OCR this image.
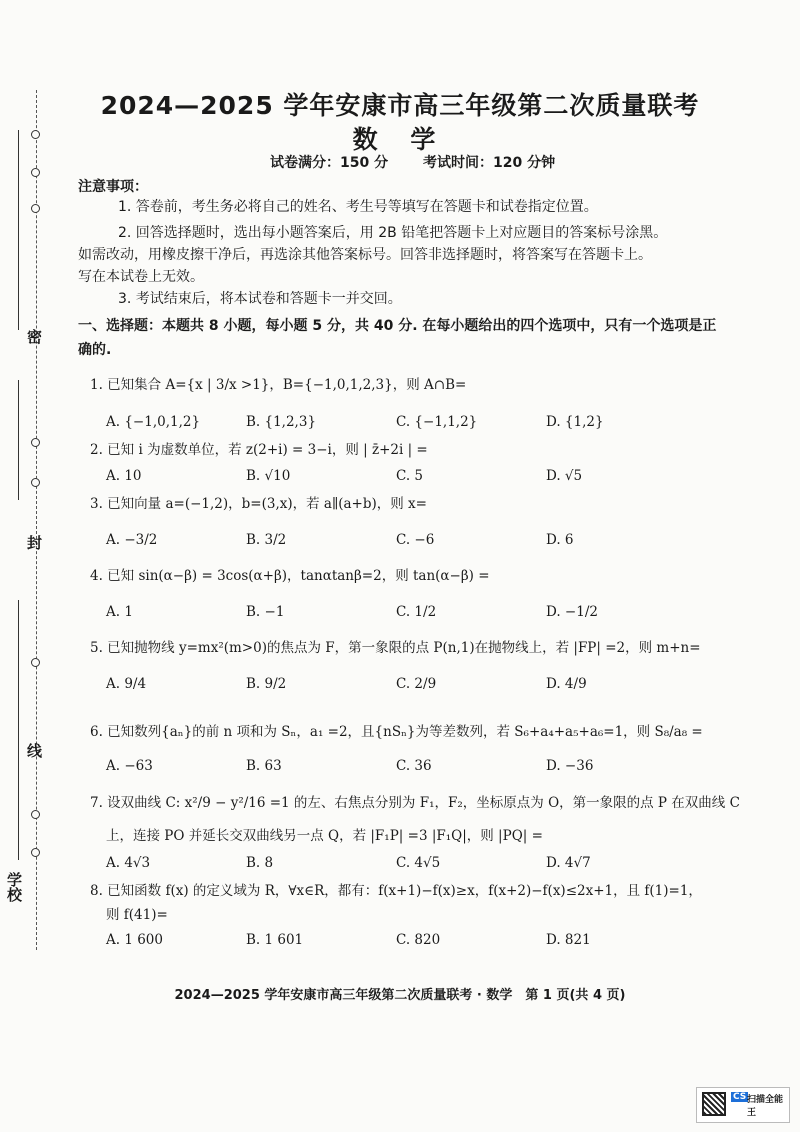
密
封
线
学校
2024—2025 学年安康市高三年级第二次质量联考
数 学
试卷满分：150 分 考试时间：120 分钟
注意事项：
1. 答卷前，考生务必将自己的姓名、考生号等填写在答题卡和试卷指定位置。
2. 回答选择题时，选出每小题答案后，用 2B 铅笔把答题卡上对应题目的答案标号涂黑。
如需改动，用橡皮擦干净后，再选涂其他答案标号。回答非选择题时，将答案写在答题卡上。
写在本试卷上无效。
3. 考试结束后，将本试卷和答题卡一并交回。
一、选择题：本题共 8 小题，每小题 5 分，共 40 分. 在每小题给出的四个选项中，只有一个选项是正
确的.
1. 已知集合 A={x | 3/x >1}，B={−1,0,1,2,3}，则 A∩B=
A. {−1,0,1,2}	B. {1,2,3}	C. {−1,1,2}	D. {1,2}
2. 已知 i 为虚数单位，若 z(2+i) = 3−i，则 | z̄+2i | =
A. 10	B. √10	C. 5	D. √5
3. 已知向量 a=(−1,2)，b=(3,x)，若 a∥(a+b)，则 x=
A. −3/2	B. 3/2	C. −6	D. 6
4. 已知 sin(α−β) = 3cos(α+β)，tanαtanβ=2，则 tan(α−β) =
A. 1	B. −1	C. 1/2	D. −1/2
5. 已知抛物线 y=mx²(m>0)的焦点为 F，第一象限的点 P(n,1)在抛物线上，若 |FP| =2，则 m+n=
A. 9/4	B. 9/2	C. 2/9	D. 4/9
6. 已知数列{aₙ}的前 n 项和为 Sₙ，a₁ =2，且{nSₙ}为等差数列，若 S₆+a₄+a₅+a₆=1，则 S₈/a₈ =
A. −63	B. 63	C. 36	D. −36
7. 设双曲线 C: x²/9 − y²/16 =1 的左、右焦点分别为 F₁，F₂，坐标原点为 O，第一象限的点 P 在双曲线 C
上，连接 PO 并延长交双曲线另一点 Q，若 |F₁P| =3 |F₁Q|，则 |PQ| =
A. 4√3	B. 8	C. 4√5	D. 4√7
8. 已知函数 f(x) 的定义域为 R，∀x∈R，都有：f(x+1)−f(x)≥x，f(x+2)−f(x)≤2x+1，且 f(1)=1，
则 f(41)=
A. 1 600	B. 1 601	C. 820	D. 821
2024—2025 学年安康市高三年级第二次质量联考 · 数学　第 1 页(共 4 页)
CS 扫描全能王
